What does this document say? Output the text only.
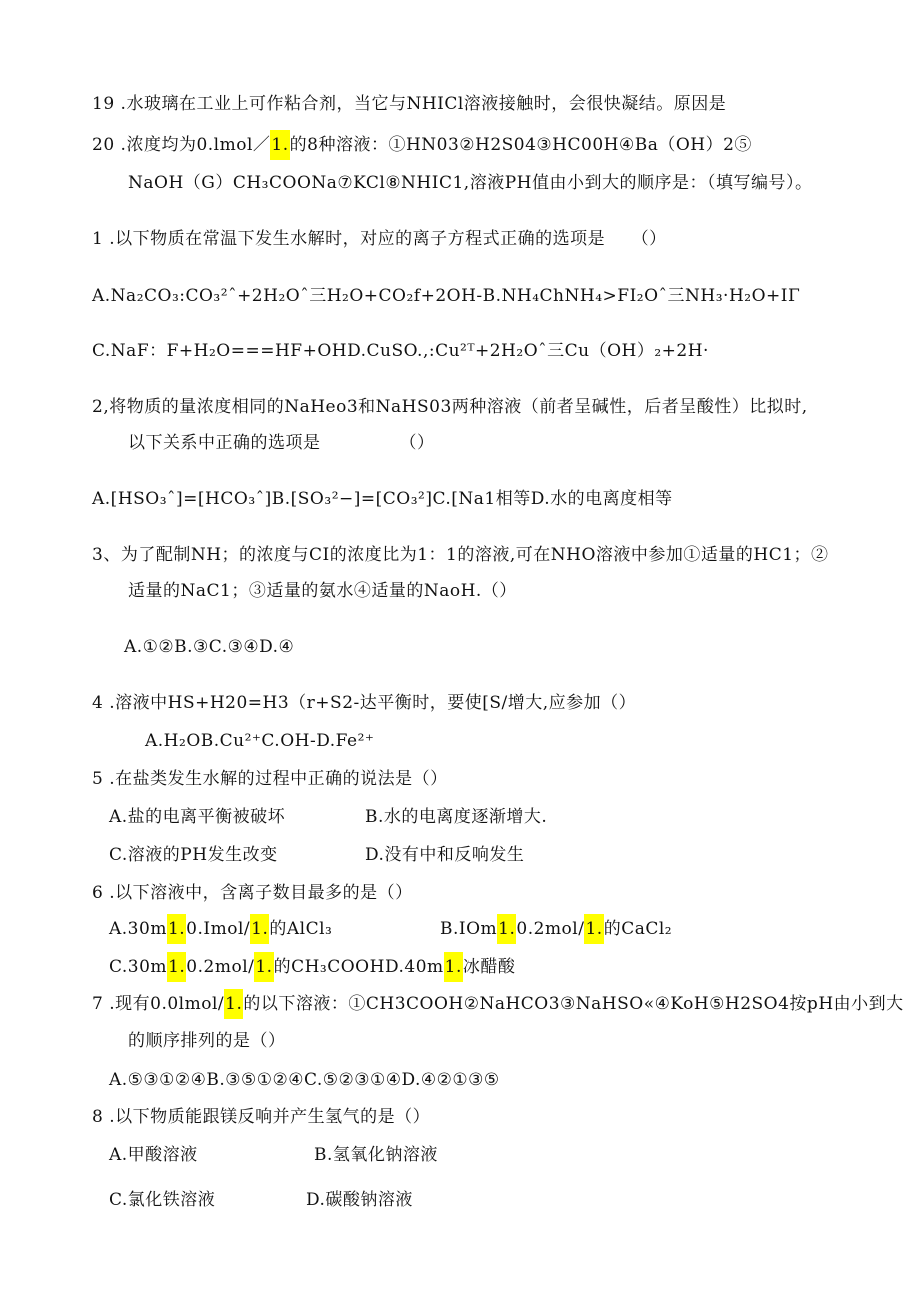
19 .水玻璃在工业上可作粘合剂，当它与NHICl溶液接触时，会很快凝结。原因是
20 .浓度均为0.lmol／1.的8种溶液：①HN03②H2S04③HC00H④Ba（OH）2⑤
NaOH（G）CH₃COONa⑦KCl⑧NHIC1,溶液PH值由小到大的顺序是：（填写编号）。
1 .以下物质在常温下发生水解时，对应的离子方程式正确的选项是　　（）
A.Na₂CO₃:CO₃²ˆ+2H₂Oˆ三H₂O+CO₂f+2OH-B.NH₄ChNH₄>FI₂Oˆ三NH₃·H₂O+IΓ
C.NaF：F+H₂O===HF+OHD.CuSO.,:Cu²ᵀ+2H₂Oˆ三Cu（OH）₂+2H·
2,将物质的量浓度相同的NaHeo3和NaHS03两种溶液（前者呈碱性，后者呈酸性）比拟时,
以下关系中正确的选项是　　　　　（）
A.[HSO₃ˆ]=[HCO₃ˆ]B.[SO₃²−]=[CO₃²]C.[Na1相等D.水的电离度相等
3、为了配制NH；的浓度与CI的浓度比为1：1的溶液,可在NHO溶液中参加①适量的HC1；②
适量的NaC1；③适量的氨水④适量的NaoH.（）
A.①②B.③C.③④D.④
4 .溶液中HS+H20=H3（r+S2-达平衡时，要使[S/增大,应参加（）
A.H₂OB.Cu²⁺C.OH-D.Fe²⁺
5 .在盐类发生水解的过程中正确的说法是（）
A.盐的电离平衡被破坏	B.水的电离度逐渐增大.
C.溶液的PH发生改变	D.没有中和反响发生
6 .以下溶液中，含离子数目最多的是（）
A.30m1.0.Imol/1.的AlCl₃	B.IOm1.0.2mol/1.的CaCl₂
C.30m1.0.2mol/1.的CH₃COOHD.40m1.冰醋酸
7 .现有0.0lmol/1.的以下溶液：①CH3COOH②NaHCO3③NaHSO«④KoH⑤H2SO4按pH由小到大
的顺序排列的是（）
A.⑤③①②④B.③⑤①②④C.⑤②③①④D.④②①③⑤
8 .以下物质能跟镁反响并产生氢气的是（）
A.甲酸溶液	B.氢氧化钠溶液
C.氯化铁溶液	D.碳酸钠溶液
